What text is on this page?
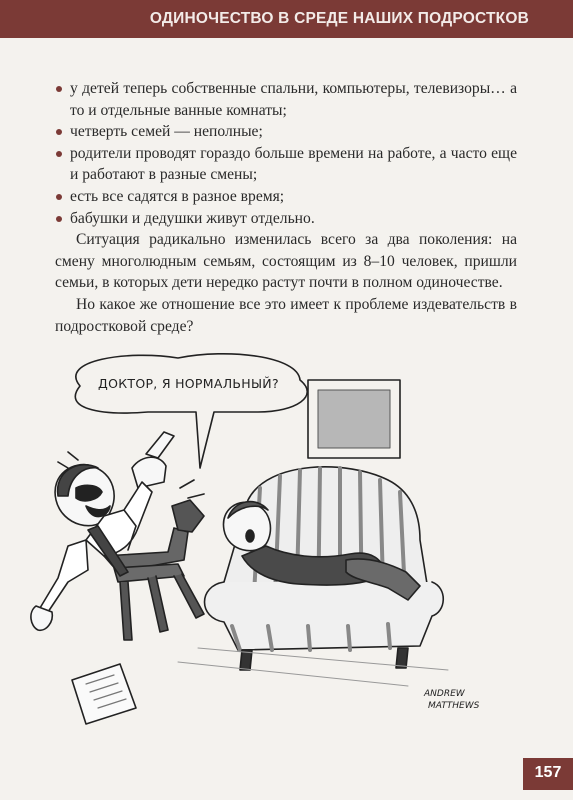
ОДИНОЧЕСТВО В СРЕДЕ НАШИХ ПОДРОСТКОВ
у детей теперь собственные спальни, компьютеры, телевизоры… а то и отдельные ванные комнаты;
четверть семей — неполные;
родители проводят гораздо больше времени на работе, а часто еще и работают в разные смены;
есть все садятся в разное время;
бабушки и дедушки живут отдельно.

Ситуация радикально изменилась всего за два поколения: на смену многолюдным семьям, состоящим из 8–10 человек, пришли семьи, в которых дети нередко растут почти в полном одиночестве.

Но какое же отношение все это имеет к проблеме издевательств в подростковой среде?

ДОКТОР, Я НОРМАЛЬНЫЙ?
ANDREW
MATTHEWS
157
